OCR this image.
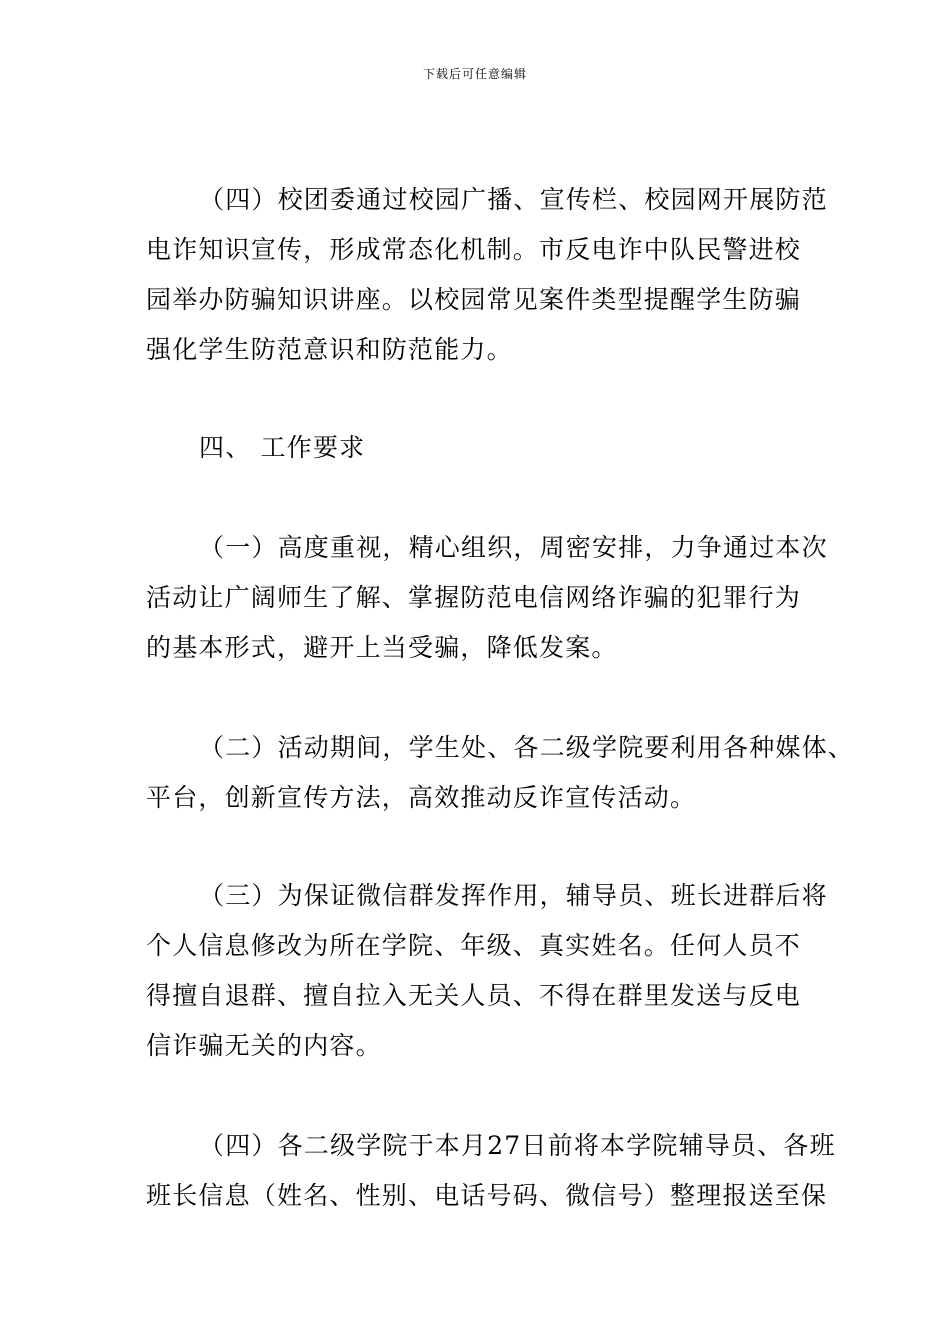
下载后可任意编辑

（四）校团委通过校园广播、宣传栏、校园网开展防范

电诈知识宣传，形成常态化机制。市反电诈中队民警进校

园举办防骗知识讲座。以校园常见案件类型提醒学生防骗

强化学生防范意识和防范能力。

四、 工作要求

（一）高度重视，精心组织，周密安排，力争通过本次

活动让广阔师生了解、掌握防范电信网络诈骗的犯罪行为

的基本形式，避开上当受骗，降低发案。

（二）活动期间，学生处、各二级学院要利用各种媒体、

平台，创新宣传方法，高效推动反诈宣传活动。

（三）为保证微信群发挥作用，辅导员、班长进群后将

个人信息修改为所在学院、年级、真实姓名。任何人员不

得擅自退群、擅自拉入无关人员、不得在群里发送与反电

信诈骗无关的内容。

（四）各二级学院于本月27日前将本学院辅导员、各班

班长信息（姓名、性别、电话号码、微信号）整理报送至保
